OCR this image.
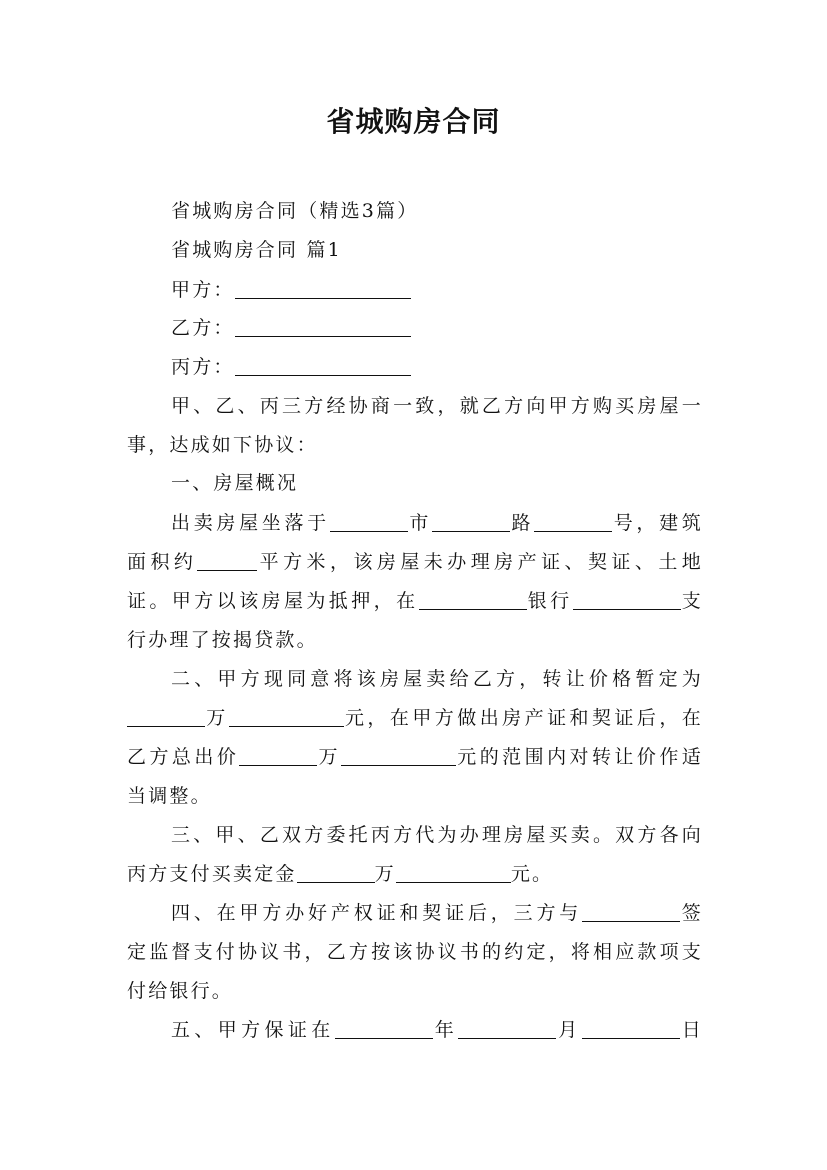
省城购房合同
省城购房合同（精选3篇）
省城购房合同 篇1
甲方：
乙方：
丙方：
甲、乙、丙三方经协商一致，就乙方向甲方购买房屋一
事，达成如下协议：
一、房屋概况
出卖房屋坐落于	市	路	号，建筑
面积约	平方米，该房屋未办理房产证、契证、土地
证。甲方以该房屋为抵押，在	银行	支
行办理了按揭贷款。
二、甲方现同意将该房屋卖给乙方，转让价格暂定为
万	元，在甲方做出房产证和契证后，在
乙方总出价	万	元的范围内对转让价作适
当调整。
三、甲、乙双方委托丙方代为办理房屋买卖。双方各向
丙方支付买卖定金	万	元。
四、在甲方办好产权证和契证后，三方与	签
定监督支付协议书，乙方按该协议书的约定，将相应款项支
付给银行。
五、甲方保证在	年	月	日
